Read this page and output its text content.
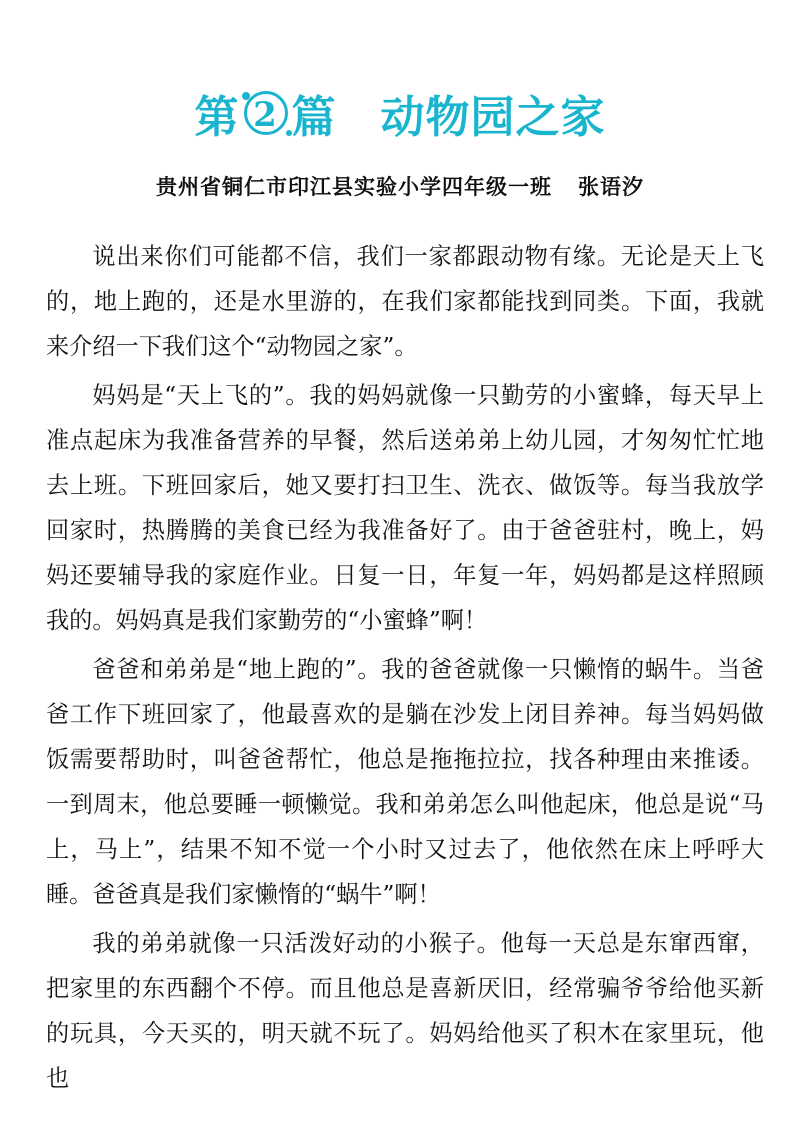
第 2 篇 动物园之家
贵州省铜仁市印江县实验小学四年级一班 张语汐

说出来你们可能都不信，我们一家都跟动物有缘。无论是天上飞的，地上跑的，还是水里游的，在我们家都能找到同类。下面，我就来介绍一下我们这个“动物园之家”。

妈妈是“天上飞的”。我的妈妈就像一只勤劳的小蜜蜂，每天早上准点起床为我准备营养的早餐，然后送弟弟上幼儿园，才匆匆忙忙地去上班。下班回家后，她又要打扫卫生、洗衣、做饭等。每当我放学回家时，热腾腾的美食已经为我准备好了。由于爸爸驻村，晚上，妈妈还要辅导我的家庭作业。日复一日，年复一年，妈妈都是这样照顾我的。妈妈真是我们家勤劳的“小蜜蜂”啊！

爸爸和弟弟是“地上跑的”。我的爸爸就像一只懒惰的蜗牛。当爸爸工作下班回家了，他最喜欢的是躺在沙发上闭目养神。每当妈妈做饭需要帮助时，叫爸爸帮忙，他总是拖拖拉拉，找各种理由来推诿。一到周末，他总要睡一顿懒觉。我和弟弟怎么叫他起床，他总是说“马上，马上”，结果不知不觉一个小时又过去了，他依然在床上呼呼大睡。爸爸真是我们家懒惰的“蜗牛”啊！

我的弟弟就像一只活泼好动的小猴子。他每一天总是东窜西窜，把家里的东西翻个不停。而且他总是喜新厌旧，经常骗爷爷给他买新的玩具，今天买的，明天就不玩了。妈妈给他买了积木在家里玩，他也
